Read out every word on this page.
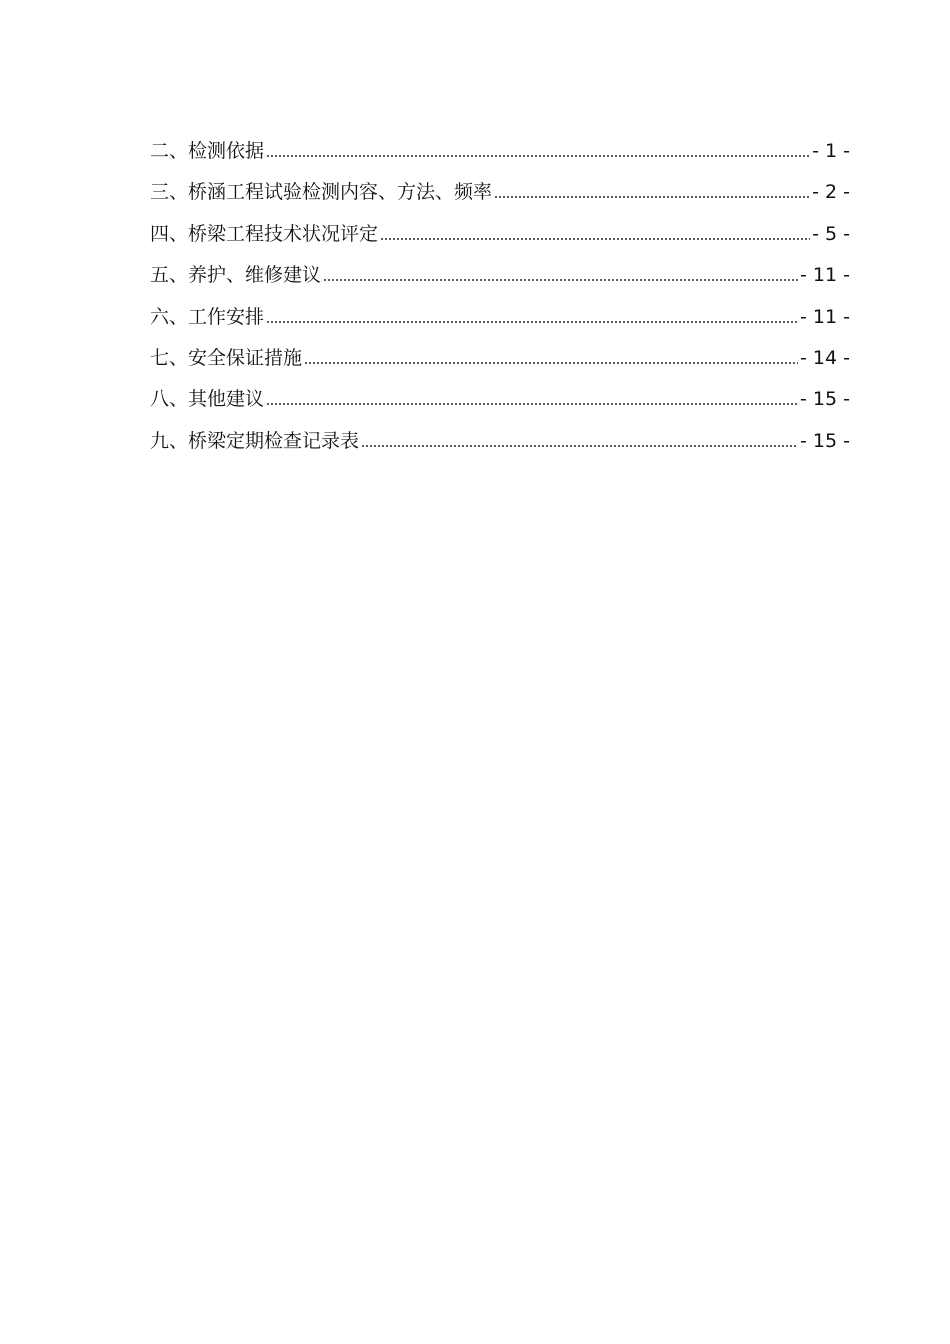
二、检测依据	- 1 -
三、桥涵工程试验检测内容、方法、频率	- 2 -
四、桥梁工程技术状况评定	- 5 -
五、养护、维修建议	- 11 -
六、工作安排	- 11 -
七、安全保证措施	- 14 -
八、其他建议	- 15 -
九、桥梁定期检查记录表	- 15 -
